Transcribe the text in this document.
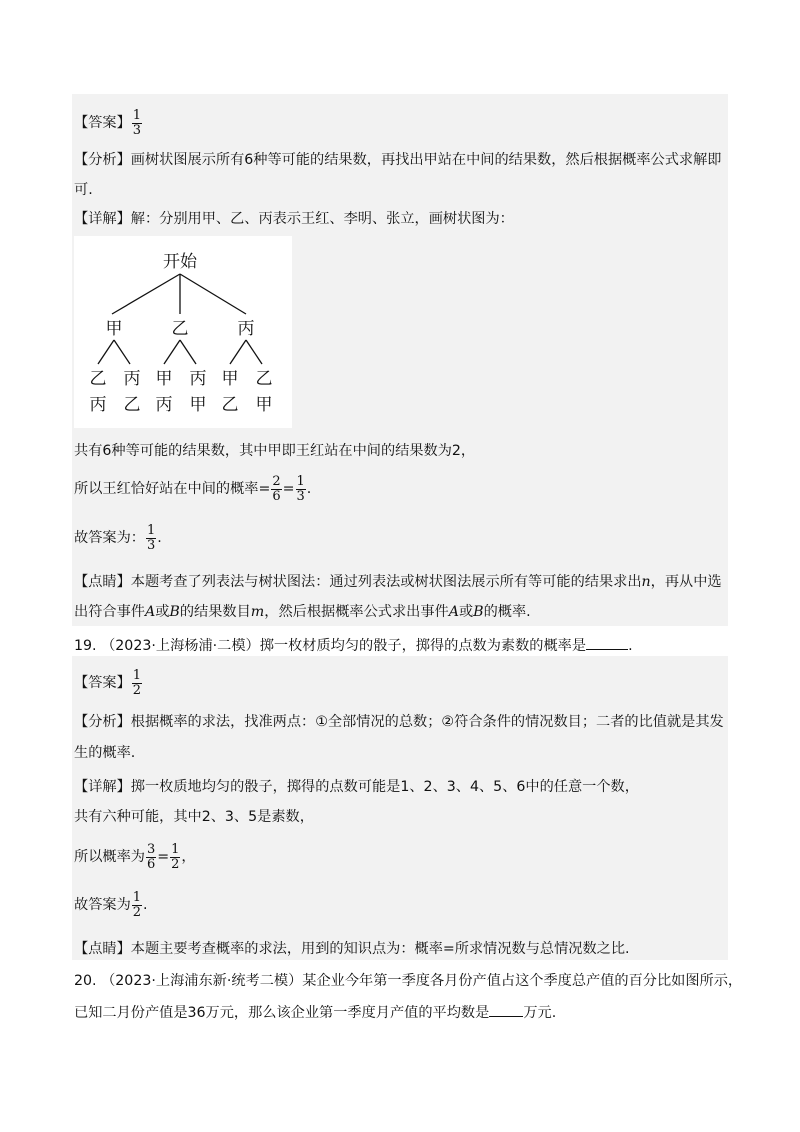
【答案】 $\frac{1}{3}$
【分析】画树状图展示所有6种等可能的结果数，再找出甲站在中间的结果数，然后根据概率公式求解即
可.
【详解】解：分别用甲、乙、丙表示王红、李明、张立，画树状图为：
开始
甲	乙	丙
乙 丙 甲 丙 甲 乙
丙 乙 丙 甲 乙 甲
共有6种等可能的结果数，其中甲即王红站在中间的结果数为2，
所以王红恰好站在中间的概率= $\frac{2}{6} = \frac{1}{3}$ .
故答案为： $\frac{1}{3}$ .
【点睛】本题考查了列表法与树状图法：通过列表法或树状图法展示所有等可能的结果求出n，再从中选
出符合事件A或B的结果数目m，然后根据概率公式求出事件A或B的概率.
19. （2023·上海杨浦·二模）掷一枚材质均匀的骰子，掷得的点数为素数的概率是	.
【答案】 $\frac{1}{2}$
【分析】根据概率的求法，找准两点：①全部情况的总数；②符合条件的情况数目；二者的比值就是其发
生的概率.
【详解】掷一枚质地均匀的骰子，掷得的点数可能是1、2、3、4、5、6中的任意一个数，
共有六种可能，其中2、3、5是素数，
所以概率为 $\frac{3}{6} = \frac{1}{2}$ ，
故答案为 $\frac{1}{2}$ .
【点睛】本题主要考查概率的求法，用到的知识点为：概率=所求情况数与总情况数之比.
20. （2023·上海浦东新·统考二模）某企业今年第一季度各月份产值占这个季度总产值的百分比如图所示，
已知二月份产值是36万元，那么该企业第一季度月产值的平均数是 万元.
